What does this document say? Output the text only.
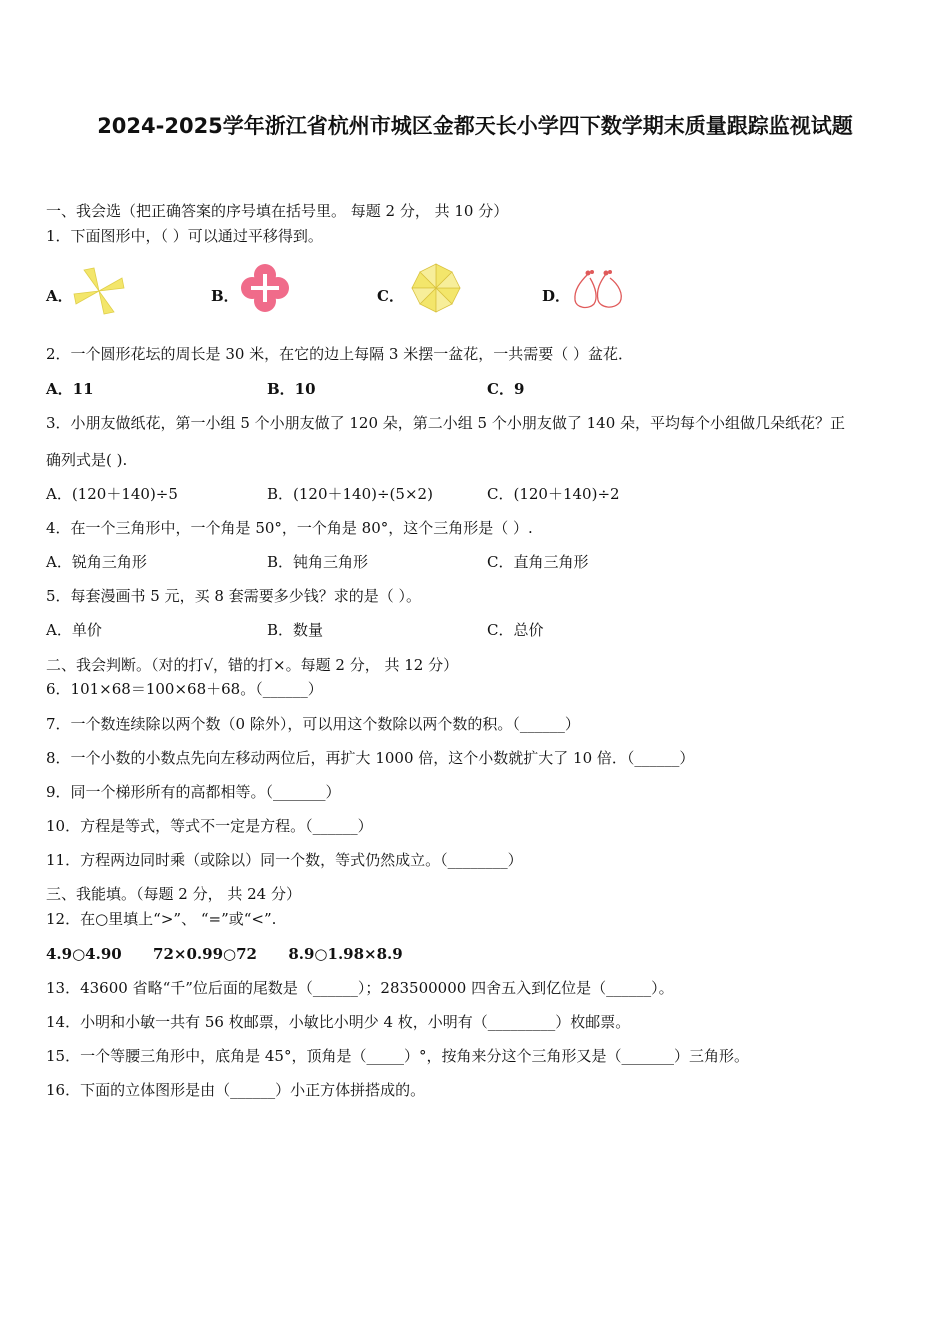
2024-2025学年浙江省杭州市城区金都天长小学四下数学期末质量跟踪监视试题
一、我会选（把正确答案的序号填在括号里。 每题 2 分， 共 10 分）
1．下面图形中，（ ）可以通过平移得到。
A．	B．	C．	D．
2．一个圆形花坛的周长是 30 米，在它的边上每隔 3 米摆一盆花，一共需要（ ）盆花．
A．11	B．10	C．9
3．小朋友做纸花，第一小组 5 个小朋友做了 120 朵，第二小组 5 个小朋友做了 140 朵，平均每个小组做几朵纸花？正
确列式是( ).
A．(120＋140)÷5	B．(120＋140)÷(5×2)	C．(120＋140)÷2
4．在一个三角形中，一个角是 50°，一个角是 80°，这个三角形是（ ）.
A．锐角三角形	B．钝角三角形	C．直角三角形
5．每套漫画书 5 元，买 8 套需要多少钱？求的是（ ）。
A．单价	B．数量	C．总价
二、我会判断。（对的打√，错的打×。每题 2 分， 共 12 分）
6．101×68＝100×68＋68。（______）
7．一个数连续除以两个数（0 除外），可以用这个数除以两个数的积。（______）
8．一个小数的小数点先向左移动两位后，再扩大 1000 倍，这个小数就扩大了 10 倍．（______）
9．同一个梯形所有的高都相等。（_______）
10．方程是等式，等式不一定是方程。（______）
11．方程两边同时乘（或除以）同一个数，等式仍然成立。（________）
三、我能填。（每题 2 分， 共 24 分）
12．在○里填上“>”、 “=”或“<”.
4.9○4.90      72×0.99○72      8.9○1.98×8.9
13．43600 省略“千”位后面的尾数是（______）；283500000 四舍五入到亿位是（______）。
14．小明和小敏一共有 56 枚邮票，小敏比小明少 4 枚，小明有（_________）枚邮票。
15．一个等腰三角形中，底角是 45°，顶角是（_____）°，按角来分这个三角形又是（_______）三角形。
16．下面的立体图形是由（______）小正方体拼搭成的。
